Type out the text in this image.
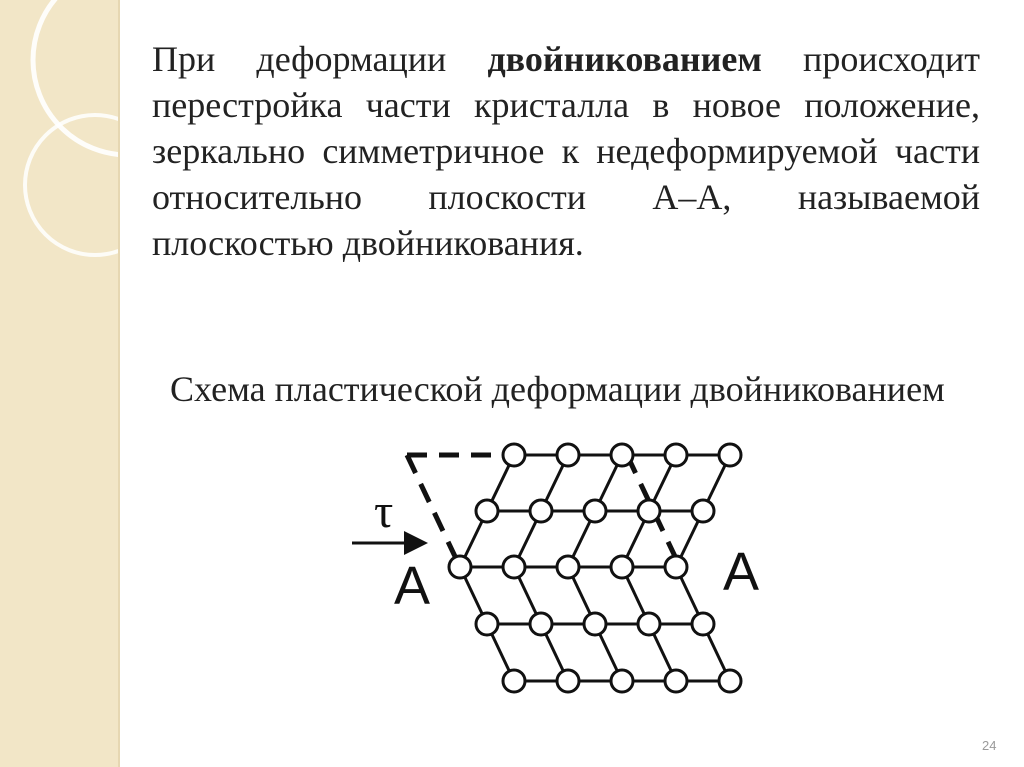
При деформации двойникованием происходит перестройка части кристалла в новое положение, зеркально симметричное к недеформируемой части относительно плоскости А–А, называемой плоскостью двойникования.
Схема пластической деформации двойникованием
τ
A	A
24
